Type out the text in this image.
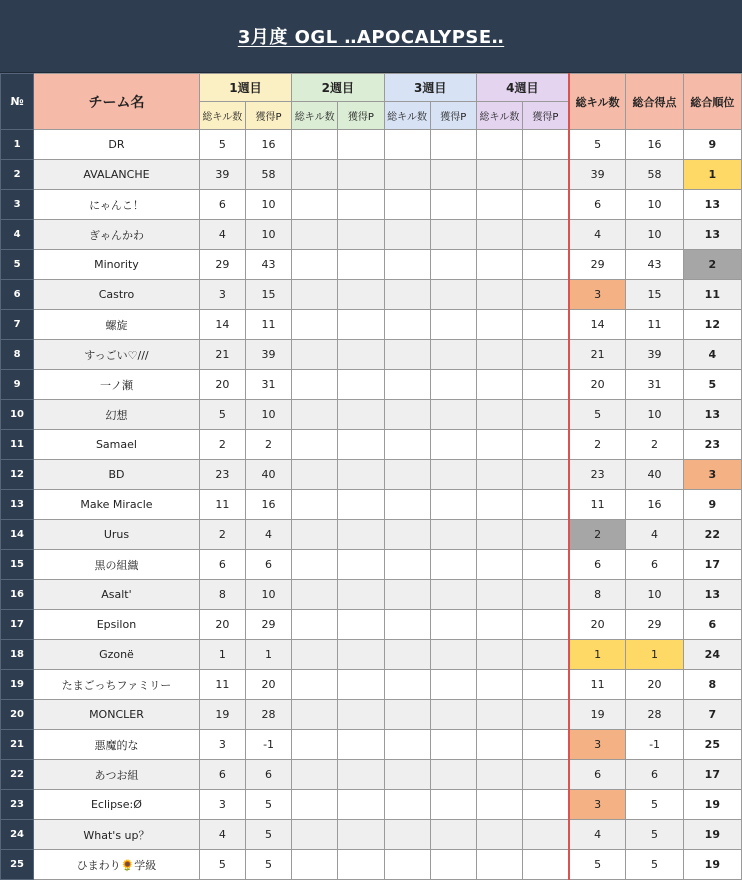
3月度 OGL ‥APOCALYPSE‥
№	チーム名	1週目		2週目		3週目		4週目		総キル数	総合得点	総合順位
		総キル数	獲得P	総キル数	獲得P	総キル数	獲得P	総キル数	獲得P			
1	DR	5	16							5	16	9
2	AVALANCHE	39	58							39	58	1
3	にゃんこ！	6	10							6	10	13
4	ぎゃんかわ	4	10							4	10	13
5	Minority	29	43							29	43	2
6	Castro	3	15							3	15	11
7	螺旋	14	11							14	11	12
8	すっごい♡///	21	39							21	39	4
9	一ノ瀬	20	31							20	31	5
10	幻想	5	10							5	10	13
11	Samael	2	2							2	2	23
12	BD	23	40							23	40	3
13	Make Miracle	11	16							11	16	9
14	Urus	2	4							2	4	22
15	黒の組織	6	6							6	6	17
16	Asalt'	8	10							8	10	13
17	Epsilon	20	29							20	29	6
18	Gzonë	1	1							1	1	24
19	たまごっちファミリー	11	20							11	20	8
20	MONCLER	19	28							19	28	7
21	悪魔的な	3	-1							3	-1	25
22	あつお組	6	6							6	6	17
23	Eclipse:Ø	3	5							3	5	19
24	What's up？	4	5							4	5	19
25	ひまわり🌻学級	5	5							5	5	19
